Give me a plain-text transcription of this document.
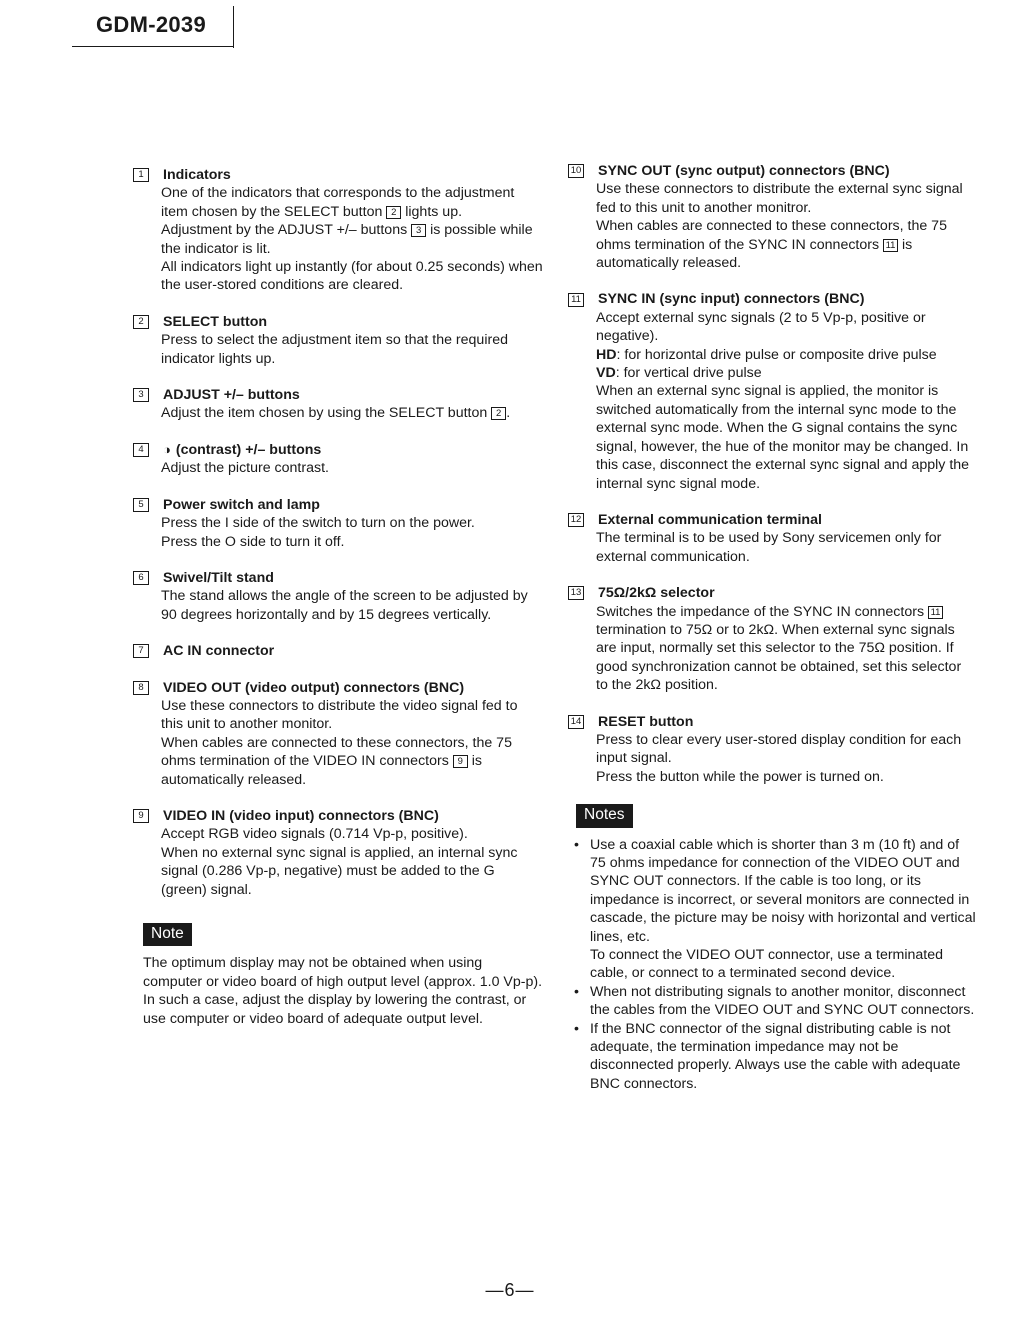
GDM-2039
1	Indicators

One of the indicators that corresponds to the adjustment item chosen by the SELECT button 2 lights up.

Adjustment by the ADJUST +/– buttons 3 is possible while the indicator is lit.

All indicators light up instantly (for about 0.25 seconds) when the user-stored conditions are cleared.

2	SELECT button

Press to select the adjustment item so that the required indicator lights up.

3	ADJUST +/– buttons

Adjust the item chosen by using the SELECT button 2 .

4	◑ (contrast) +/– buttons

Adjust the picture contrast.

5	Power switch and lamp

Press the I side of the switch to turn on the power.

Press the O side to turn it off.

6	Swivel/Tilt stand

The stand allows the angle of the screen to be adjusted by 90 degrees horizontally and by 15 degrees vertically.

7	AC IN connector
8	VIDEO OUT (video output) connectors (BNC)

Use these connectors to distribute the video signal fed to this unit to another monitor.

When cables are connected to these connectors, the 75 ohms termination of the VIDEO IN connectors 9 is automatically released.

9	VIDEO IN (video input) connectors (BNC)

Accept RGB video signals (0.714 Vp-p, positive).

When no external sync signal is applied, an internal sync signal (0.286 Vp-p, negative) must be added to the G (green) signal.

Note

The optimum display may not be obtained when using computer or video board of high output level (approx. 1.0 Vp-p). In such a case, adjust the display by lowering the contrast, or use computer or video board of adequate output level.

10 SYNC OUT (sync output) connectors (BNC)

Use these connectors to distribute the external sync signal fed to this unit to another monitror.

When cables are connected to these connectors, the 75 ohms termination of the SYNC IN connectors 11 is automatically released.

11 SYNC IN (sync input) connectors (BNC)

Accept external sync signals (2 to 5 Vp-p, positive or negative).

HD: for horizontal drive pulse or composite drive pulse

VD: for vertical drive pulse

When an external sync signal is applied, the monitor is switched automatically from the internal sync mode to the external sync mode. When the G signal contains the sync signal, however, the hue of the monitor may be changed. In this case, disconnect the external sync signal and apply the internal sync signal mode.

12 External communication terminal

The terminal is to be used by Sony servicemen only for external communication.

13 75Ω/2kΩ selector

Switches the impedance of the SYNC IN connectors 11 termination to 75Ω or to 2kΩ. When external sync signals are input, normally set this selector to the 75Ω position. If good synchronization cannot be obtained, set this selector to the 2kΩ position.

14 RESET button

Press to clear every user-stored display condition for each input signal.

Press the button while the power is turned on.

Notes

• Use a coaxial cable which is shorter than 3 m (10 ft) and of 75 ohms impedance for connection of the VIDEO OUT and SYNC OUT connectors. If the cable is too long, or its impedance is incorrect, or several monitors are connected in cascade, the picture may be noisy with horizontal and vertical lines, etc.

To connect the VIDEO OUT connector, use a terminated cable, or connect to a terminated second device.

• When not distributing signals to another monitor, disconnect the cables from the VIDEO OUT and SYNC OUT connectors.

• If the BNC connector of the signal distributing cable is not adequate, the termination impedance may not be disconnected properly. Always use the cable with adequate BNC connectors.

—6—
